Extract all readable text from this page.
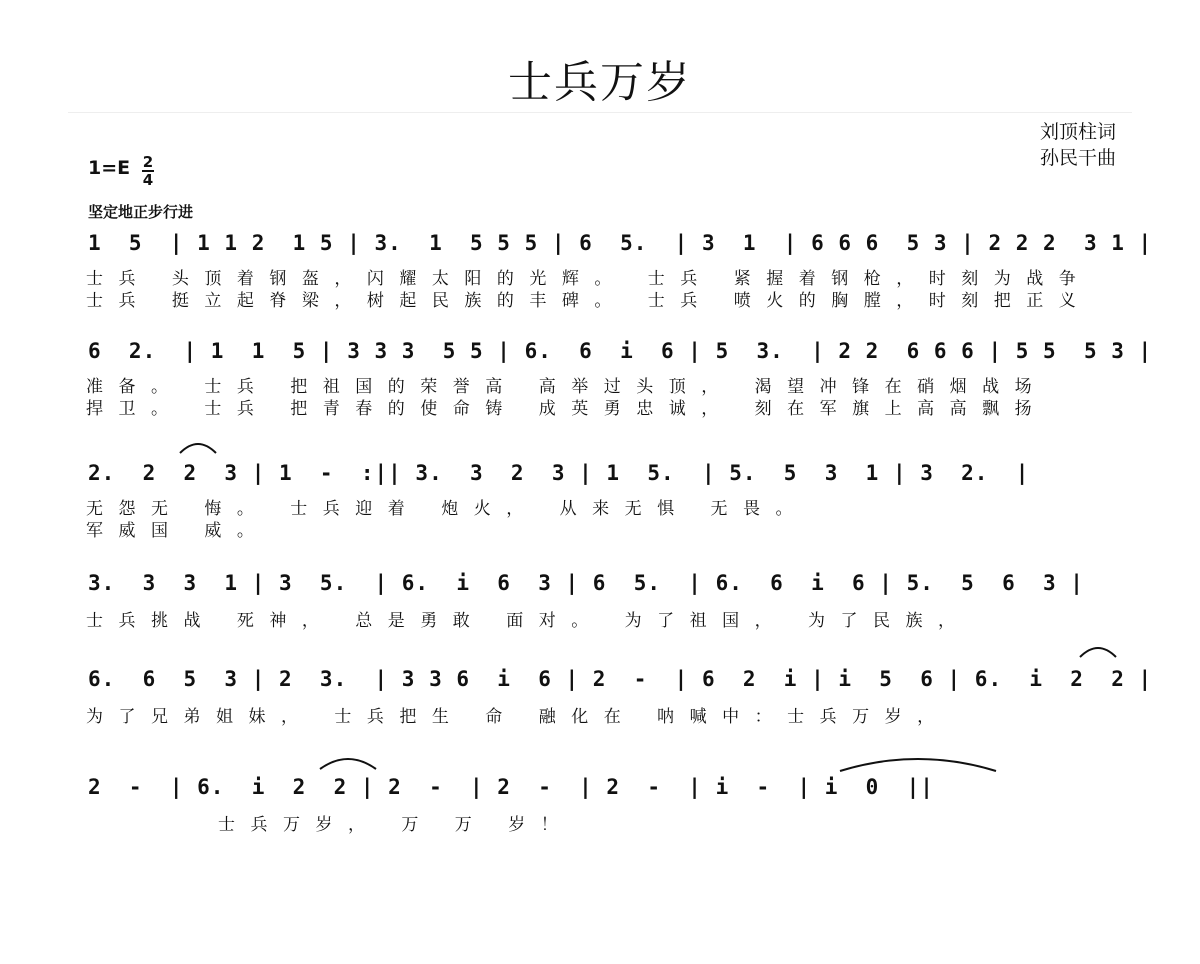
士兵万岁
刘顶柱词
孙民干曲
1=E 2
4
坚定地正步行进
1  5  | 1 1 2  1 5 | 3.  1  5 5 5 | 6  5.  | 3  1  | 6 6 6  5 3 | 2 2 2  3 1 |
士兵 头顶着钢盔，闪耀太阳的光辉。 士兵 紧握着钢枪，时刻为战争
士兵 挺立起脊梁，树起民族的丰碑。 士兵 喷火的胸膛，时刻把正义
6  2.  | 1  1  5 | 3 3 3  5 5 | 6.  6  i  6 | 5  3.  | 2 2  6 6 6 | 5 5  5 3 |
准备。 士兵 把祖国的荣誉高 高举过头顶， 渴望冲锋在硝烟战场
捍卫。 士兵 把青春的使命铸 成英勇忠诚， 刻在军旗上高高飘扬
2.  2  2  3 | 1  -  :|| 3.  3  2  3 | 1  5.  | 5.  5  3  1 | 3  2.  |
无怨无 悔。 士兵迎着 炮火， 从来无惧 无畏。
军威国 威。
3.  3  3  1 | 3  5.  | 6.  i  6  3 | 6  5.  | 6.  6  i  6 | 5.  5  6  3 |
士兵挑战 死神， 总是勇敢 面对。 为了祖国， 为了民族，
6.  6  5  3 | 2  3.  | 3 3 6  i  6 | 2  -  | 6  2  i | i  5  6 | 6.  i  2  2 |
为了兄弟姐妹， 士兵把生 命 融化在 呐喊中：士兵万岁，
2  -  | 6.  i  2  2 | 2  -  | 2  -  | 2  -  | i  -  | i  0  ||
士兵万岁， 万 万 岁！
